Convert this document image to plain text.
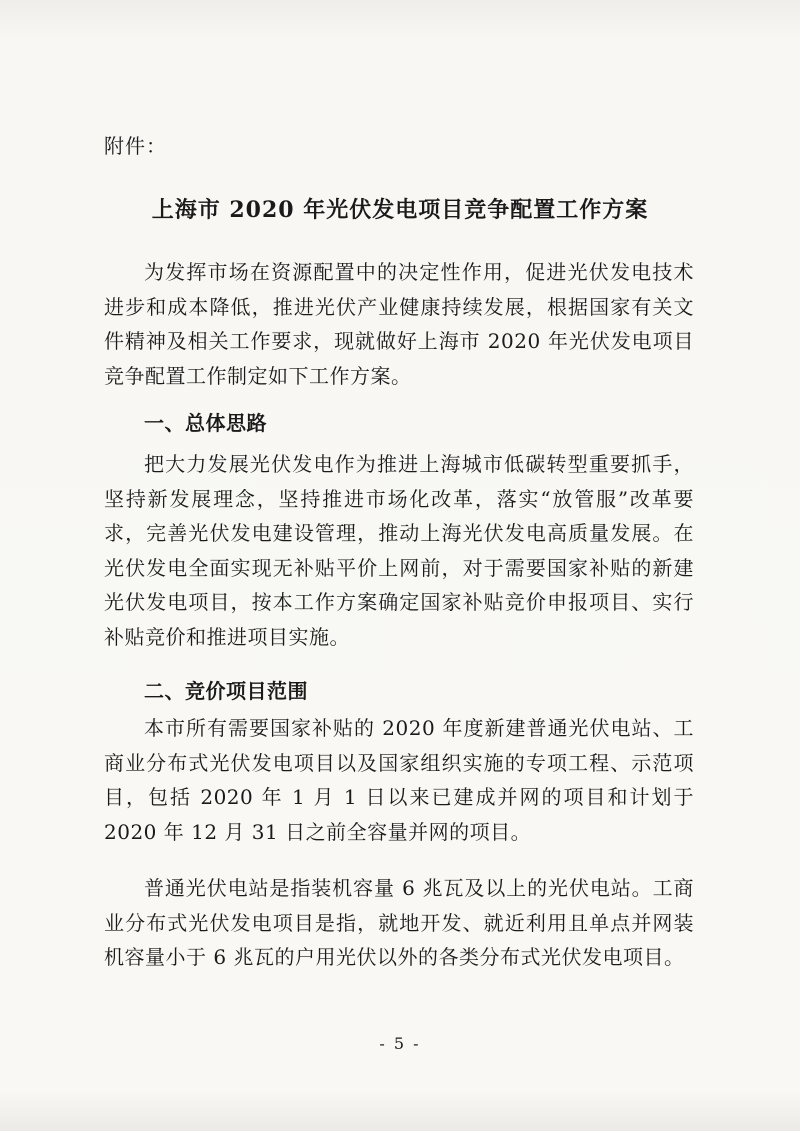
附件：
上海市 2020 年光伏发电项目竞争配置工作方案

为发挥市场在资源配置中的决定性作用，促进光伏发电技术进步和成本降低，推进光伏产业健康持续发展，根据国家有关文件精神及相关工作要求，现就做好上海市 2020 年光伏发电项目竞争配置工作制定如下工作方案。

一、总体思路

把大力发展光伏发电作为推进上海城市低碳转型重要抓手，坚持新发展理念，坚持推进市场化改革，落实“放管服”改革要求，完善光伏发电建设管理，推动上海光伏发电高质量发展。在光伏发电全面实现无补贴平价上网前，对于需要国家补贴的新建光伏发电项目，按本工作方案确定国家补贴竞价申报项目、实行补贴竞价和推进项目实施。

二、竞价项目范围

本市所有需要国家补贴的 2020 年度新建普通光伏电站、工商业分布式光伏发电项目以及国家组织实施的专项工程、示范项目，包括 2020 年 1 月 1 日以来已建成并网的项目和计划于 2020 年 12 月 31 日之前全容量并网的项目。

普通光伏电站是指装机容量 6 兆瓦及以上的光伏电站。工商业分布式光伏发电项目是指，就地开发、就近利用且单点并网装机容量小于 6 兆瓦的户用光伏以外的各类分布式光伏发电项目。

- 5 -
